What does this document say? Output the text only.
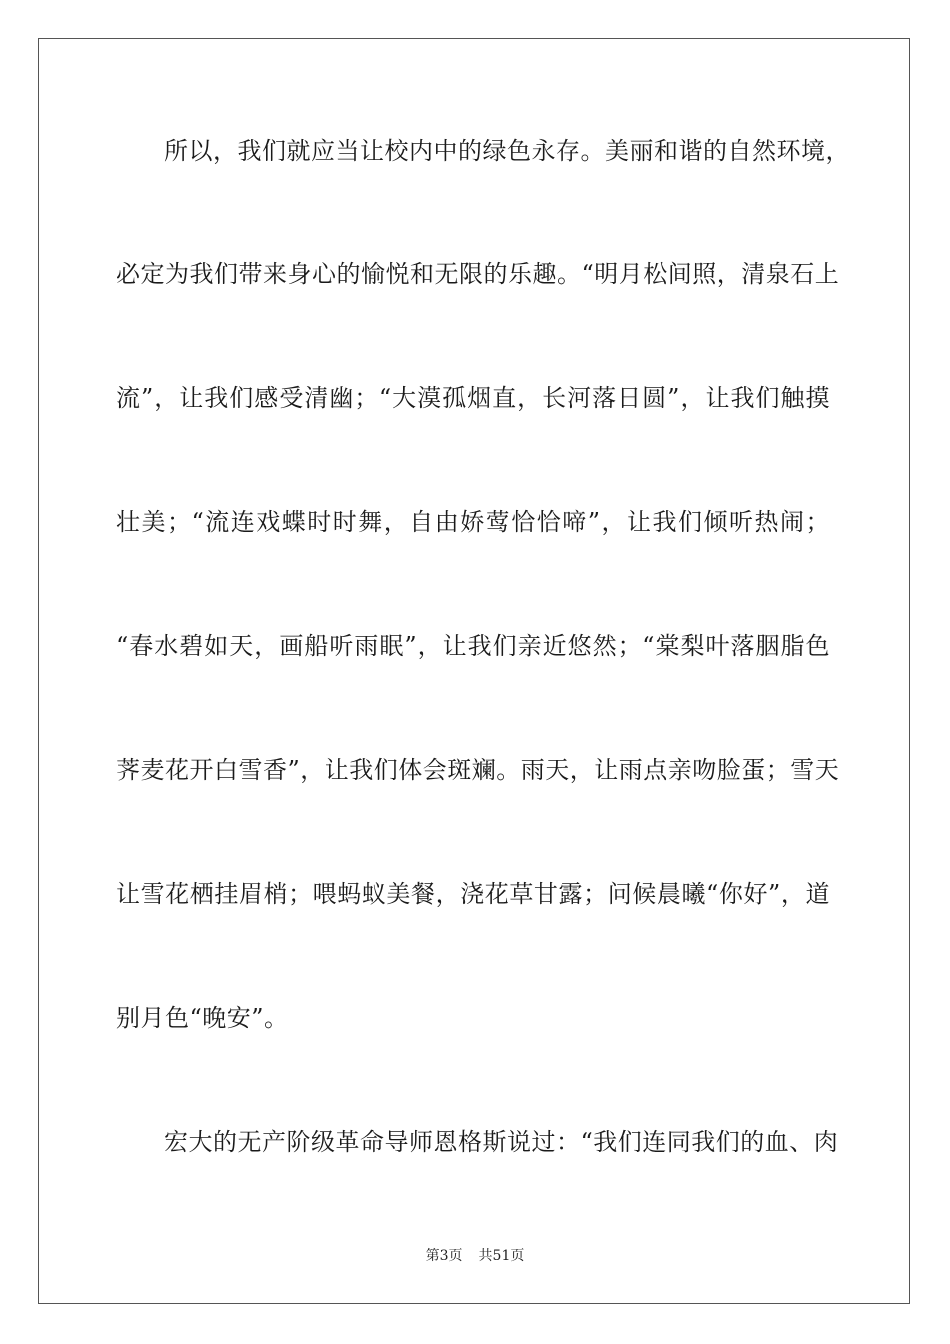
所以，我们就应当让校内中的绿色永存。美丽和谐的自然环境，
必定为我们带来身心的愉悦和无限的乐趣。“明月松间照，清泉石上
流”，让我们感受清幽；“大漠孤烟直，长河落日圆”，让我们触摸
壮美；“流连戏蝶时时舞，自由娇莺恰恰啼”，让我们倾听热闹；
“春水碧如天，画船听雨眠”，让我们亲近悠然；“棠梨叶落胭脂色
荠麦花开白雪香”，让我们体会斑斓。雨天，让雨点亲吻脸蛋；雪天
让雪花栖挂眉梢；喂蚂蚁美餐，浇花草甘露；问候晨曦“你好”，道
别月色“晚安”。
宏大的无产阶级革命导师恩格斯说过：“我们连同我们的血、肉
第3页 共51页
